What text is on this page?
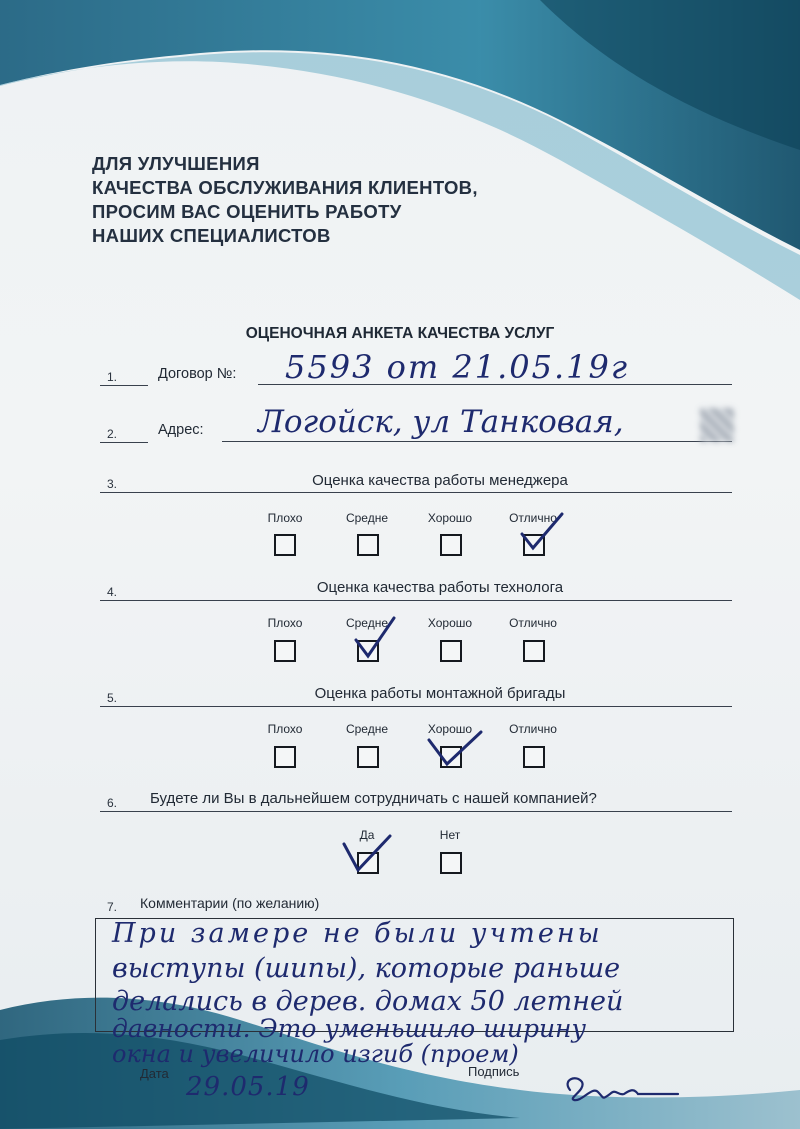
ДЛЯ УЛУЧШЕНИЯ
КАЧЕСТВА ОБСЛУЖИВАНИЯ КЛИЕНТОВ,
ПРОСИМ ВАС ОЦЕНИТЬ РАБОТУ
НАШИХ СПЕЦИАЛИСТОВ
ОЦЕНОЧНАЯ АНКЕТА КАЧЕСТВА УСЛУГ
1.	Договор №: 5593 от 21.05.19г
2.	Адрес: Логойск, ул Танковая,
3.	Оценка качества работы менеджера
Плохо	Средне	Хорошо	Отлично
4.	Оценка качества работы технолога
Плохо	Средне	Хорошо	Отлично
5.	Оценка работы монтажной бригады
Плохо	Средне	Хорошо	Отлично
6. Будете ли Вы в дальнейшем сотрудничать с нашей компанией?
Да	Нет
7. Комментарии (по желанию)
При замере не были учтены
выступы (шипы), которые раньше
делались в дерев. домах 50 летней
давности. Это уменьшило ширину
окна и увеличило изгиб (проем)
Дата 29.05.19
Подпись
